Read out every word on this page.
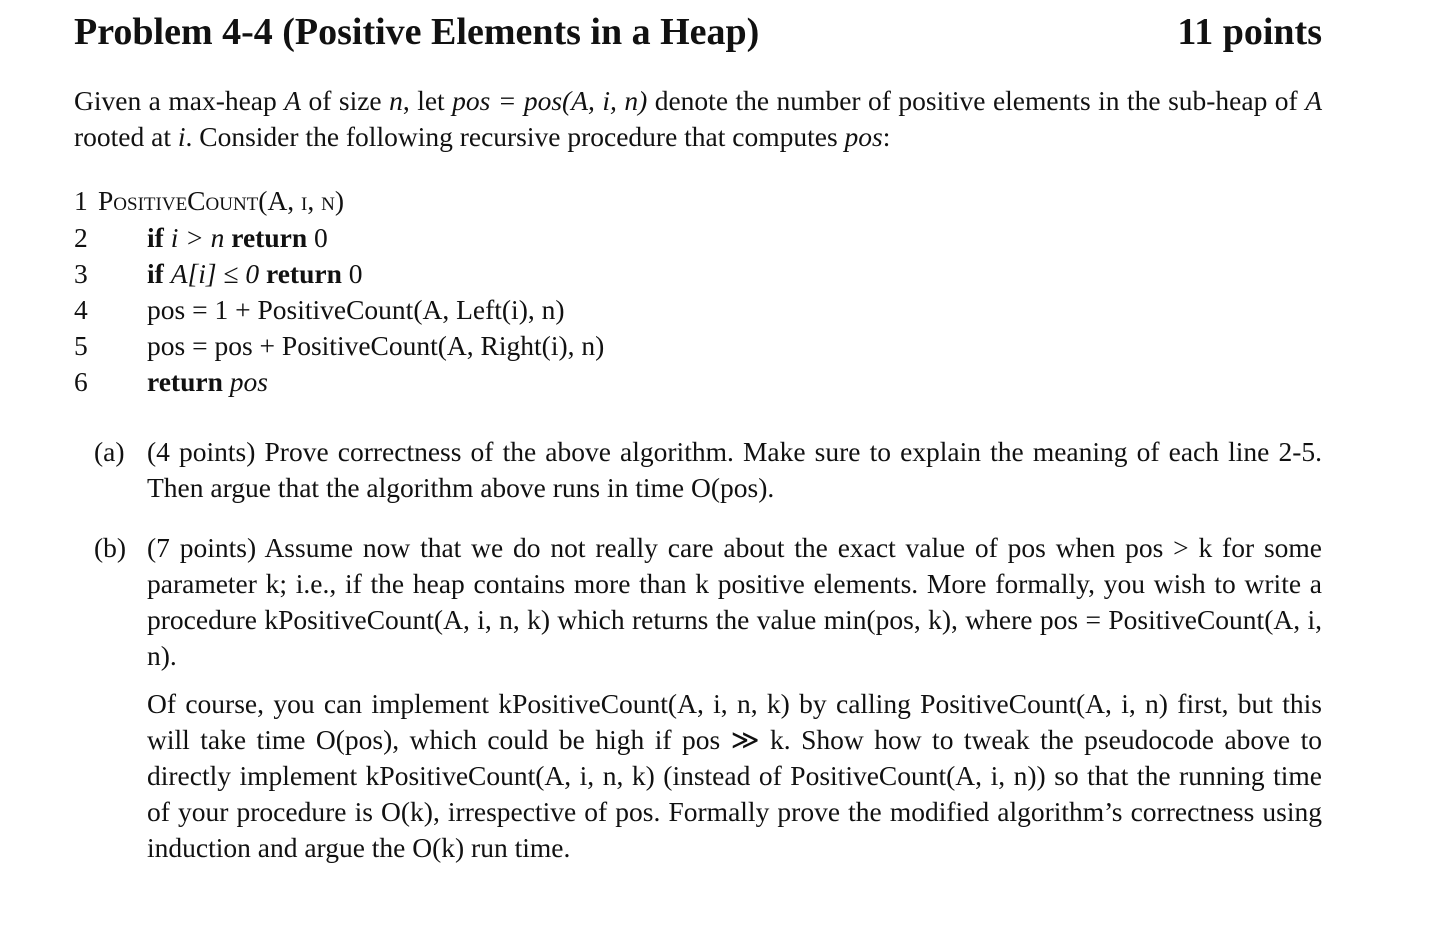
Problem 4-4 (Positive Elements in a Heap)	11 points
Given a max-heap A of size n, let pos = pos(A, i, n) denote the number of positive elements in the sub-heap of A rooted at i. Consider the following recursive procedure that computes pos:
1 PositiveCount(A, i, n)
2	if i > n return 0
3	if A[i] ≤ 0 return 0
4	pos = 1 + PositiveCount(A, Left(i), n)
5	pos = pos + PositiveCount(A, Right(i), n)
6	return pos
(a) (4 points) Prove correctness of the above algorithm. Make sure to explain the meaning of each line 2-5. Then argue that the algorithm above runs in time O(pos).
(b) (7 points) Assume now that we do not really care about the exact value of pos when pos > k for some parameter k; i.e., if the heap contains more than k positive elements. More formally, you wish to write a procedure kPositiveCount(A, i, n, k) which returns the value min(pos, k), where pos = PositiveCount(A, i, n).

Of course, you can implement kPositiveCount(A, i, n, k) by calling PositiveCount(A, i, n) first, but this will take time O(pos), which could be high if pos ≫ k. Show how to tweak the pseudocode above to directly implement kPositiveCount(A, i, n, k) (instead of PositiveCount(A, i, n)) so that the running time of your procedure is O(k), irrespective of pos. Formally prove the modified algorithm’s correctness using induction and argue the O(k) run time.
